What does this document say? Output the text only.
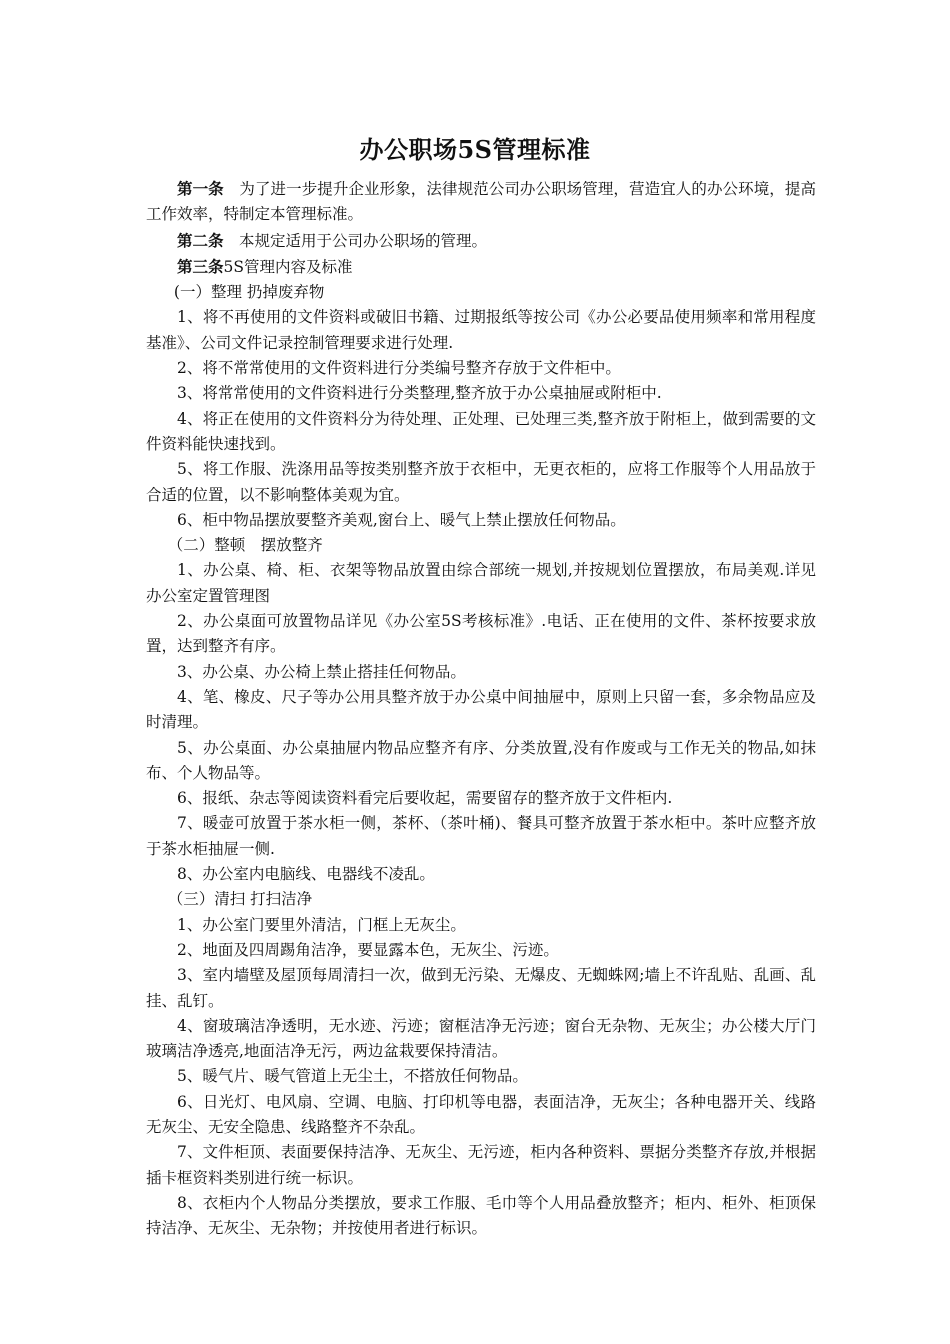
办公职场5S管理标准

第一条　为了进一步提升企业形象，法律规范公司办公职场管理，营造宜人的办公环境，提高工作效率，特制定本管理标准。

第二条　本规定适用于公司办公职场的管理。

第三条5S管理内容及标准

(一）整理 扔掉废弃物

1、将不再使用的文件资料或破旧书籍、过期报纸等按公司《办公必要品使用频率和常用程度基准》、公司文件记录控制管理要求进行处理.

2、将不常常使用的文件资料进行分类编号整齐存放于文件柜中。

3、将常常使用的文件资料进行分类整理,整齐放于办公桌抽屉或附柜中.

4、将正在使用的文件资料分为待处理、正处理、已处理三类,整齐放于附柜上，做到需要的文件资料能快速找到。

5、将工作服、洗涤用品等按类别整齐放于衣柜中，无更衣柜的，应将工作服等个人用品放于合适的位置，以不影响整体美观为宜。

6、柜中物品摆放要整齐美观,窗台上、暖气上禁止摆放任何物品。

（二）整顿　摆放整齐

1、办公桌、椅、柜、衣架等物品放置由综合部统一规划,并按规划位置摆放，布局美观.详见办公室定置管理图

2、办公桌面可放置物品详见《办公室5S考核标准》.电话、正在使用的文件、茶杯按要求放置，达到整齐有序。

3、办公桌、办公椅上禁止搭挂任何物品。

4、笔、橡皮、尺子等办公用具整齐放于办公桌中间抽屉中，原则上只留一套，多余物品应及时清理。

5、办公桌面、办公桌抽屉内物品应整齐有序、分类放置,没有作废或与工作无关的物品,如抹布、个人物品等。

6、报纸、杂志等阅读资料看完后要收起，需要留存的整齐放于文件柜内.

7、暖壶可放置于茶水柜一侧，茶杯、（茶叶桶)、餐具可整齐放置于茶水柜中。茶叶应整齐放于茶水柜抽屉一侧.

8、办公室内电脑线、电器线不凌乱。

（三）清扫 打扫洁净

1、办公室门要里外清洁，门框上无灰尘。

2、地面及四周踢角洁净，要显露本色，无灰尘、污迹。

3、室内墙壁及屋顶每周清扫一次，做到无污染、无爆皮、无蜘蛛网;墙上不许乱贴、乱画、乱挂、乱钉。

4、窗玻璃洁净透明，无水迹、污迹；窗框洁净无污迹；窗台无杂物、无灰尘；办公楼大厅门玻璃洁净透亮,地面洁净无污，两边盆栽要保持清洁。

5、暖气片、暖气管道上无尘土，不搭放任何物品。

6、日光灯、电风扇、空调、电脑、打印机等电器，表面洁净，无灰尘；各种电器开关、线路无灰尘、无安全隐患、线路整齐不杂乱。

7、文件柜顶、表面要保持洁净、无灰尘、无污迹，柜内各种资料、票据分类整齐存放,并根据插卡框资料类别进行统一标识。

8、衣柜内个人物品分类摆放，要求工作服、毛巾等个人用品叠放整齐；柜内、柜外、柜顶保持洁净、无灰尘、无杂物；并按使用者进行标识。
